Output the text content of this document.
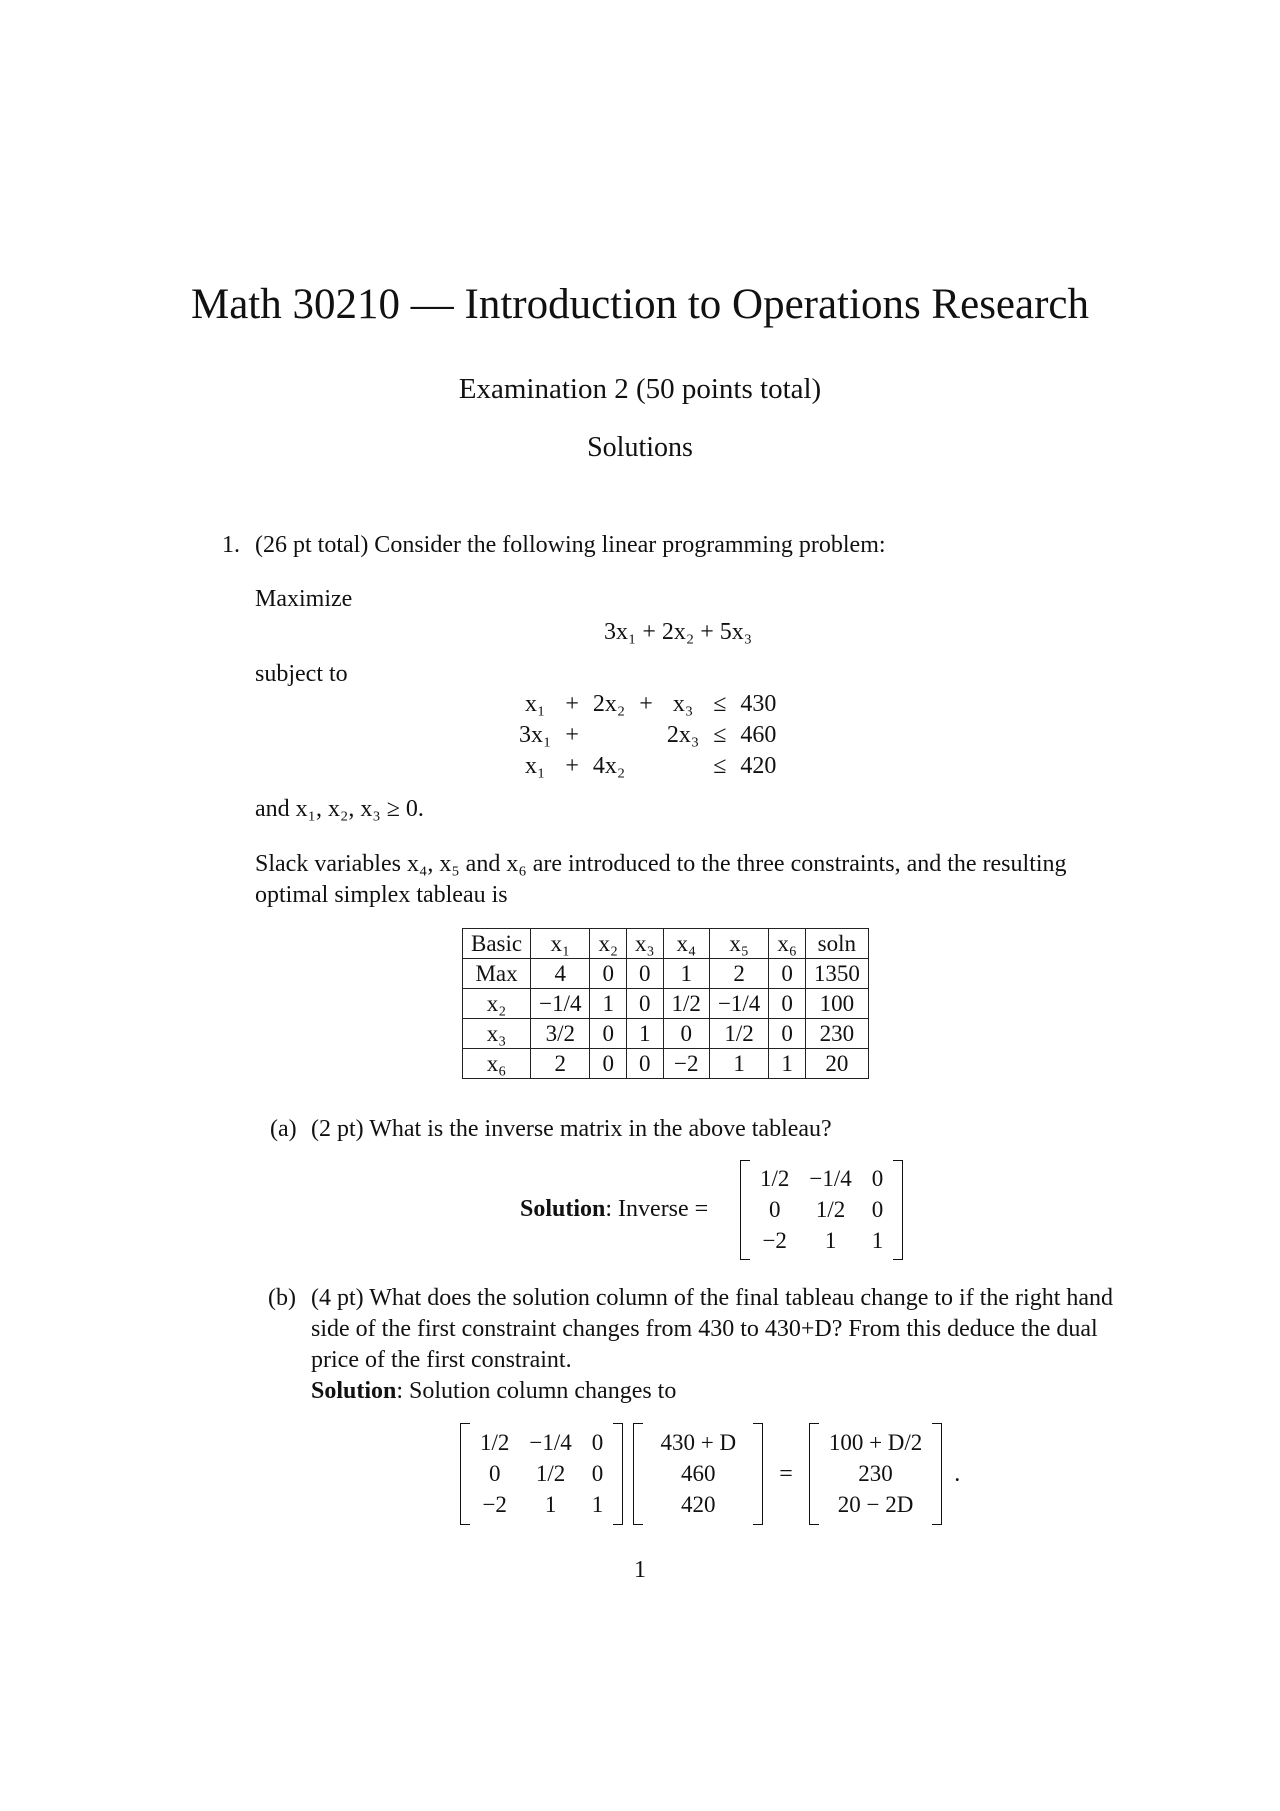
Math 30210 — Introduction to Operations Research
Examination 2 (50 points total)
Solutions
1. (26 pt total) Consider the following linear programming problem:
Maximize
3x₁ + 2x₂ + 5x₃
subject to
x₁	+	2x₂	+	x₃	≤	430
3x₁	+			2x₃	≤	460
x₁	+	4x₂			≤	420
and x₁, x₂, x₃ ≥ 0.
Slack variables x₄, x₅ and x₆ are introduced to the three constraints, and the resulting optimal simplex tableau is
Basic	x₁	x₂	x₃	x₄	x₅	x₆	soln
Max	4	0	0	1	2	0	1350
x₂	−1/4	1	0	1/2	−1/4	0	100
x₃	3/2	0	1	0	1/2	0	230
x₆	2	0	0	−2	1	1	20
(a) (2 pt) What is the inverse matrix in the above tableau?
Solution: Inverse =
1/2	−1/4	0
0	1/2	0
−2	1	1
(b) (4 pt) What does the solution column of the final tableau change to if the right hand side of the first constraint changes from 430 to 430+D? From this deduce the dual price of the first constraint.
Solution: Solution column changes to
1/2	−1/4	0
0	1/2	0
−2	1	1
430 + D
460
420
=
100 + D/2
230
20 − 2D
.
1
